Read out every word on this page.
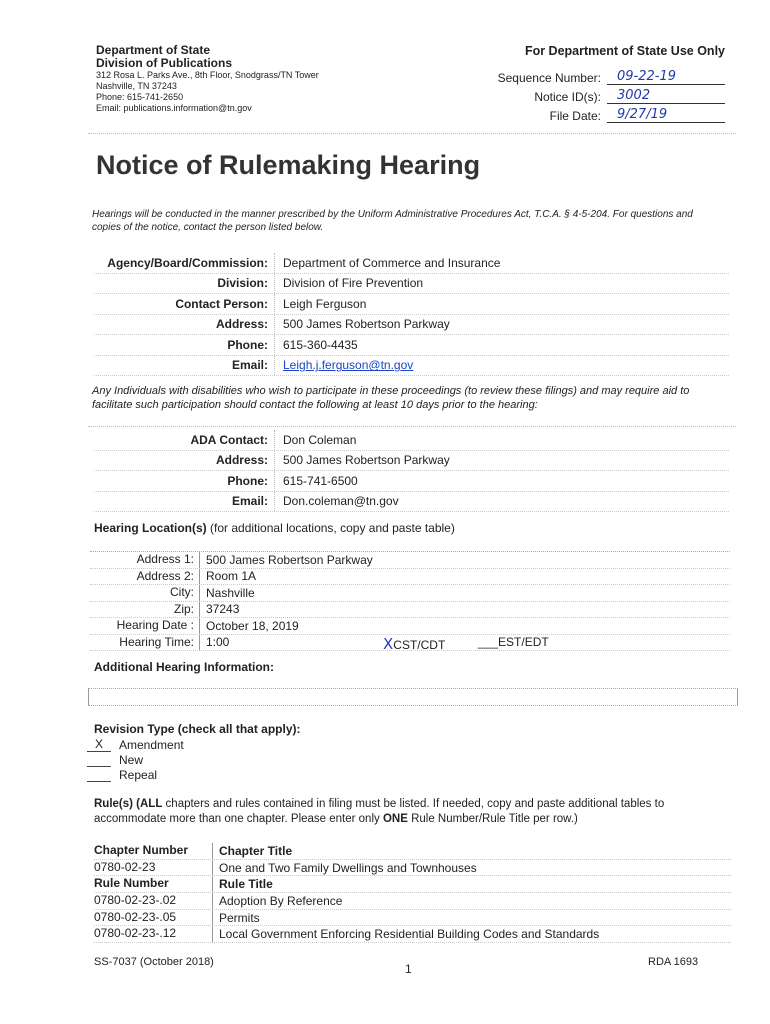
Department of State
Division of Publications
312 Rosa L. Parks Ave., 8th Floor, Snodgrass/TN Tower
Nashville, TN 37243
Phone: 615-741-2650
Email: publications.information@tn.gov
For Department of State Use Only
Sequence Number:	09-22-19
Notice ID(s):	3002
File Date:	9/27/19
Notice of Rulemaking Hearing
Hearings will be conducted in the manner prescribed by the Uniform Administrative Procedures Act, T.C.A. § 4-5-204. For questions and copies of the notice, contact the person listed below.
Agency/Board/Commission:	Department of Commerce and Insurance
Division:	Division of Fire Prevention
Contact Person:	Leigh Ferguson
Address:	500 James Robertson Parkway
Phone:	615-360-4435
Email:	Leigh.j.ferguson@tn.gov
Any Individuals with disabilities who wish to participate in these proceedings (to review these filings) and may require aid to facilitate such participation should contact the following at least 10 days prior to the hearing:
ADA Contact:	Don Coleman
Address:	500 James Robertson Parkway
Phone:	615-741-6500
Email:	Don.coleman@tn.gov
Hearing Location(s) (for additional locations, copy and paste table)
Address 1:	500 James Robertson Parkway
Address 2:	Room 1A
City:	Nashville
Zip:	37243
Hearing Date :	October 18, 2019
Hearing Time:	1:00	XCST/CDT	___EST/EDT
Additional Hearing Information:
Revision Type (check all that apply):
X	Amendment
New
Repeal
Rule(s) (ALL chapters and rules contained in filing must be listed. If needed, copy and paste additional tables to accommodate more than one chapter. Please enter only ONE Rule Number/Rule Title per row.)
Chapter Number	Chapter Title
0780-02-23	One and Two Family Dwellings and Townhouses
Rule Number	Rule Title
0780-02-23-.02	Adoption By Reference
0780-02-23-.05	Permits
0780-02-23-.12	Local Government Enforcing Residential Building Codes and Standards
SS-7037 (October 2018)	1	RDA 1693
